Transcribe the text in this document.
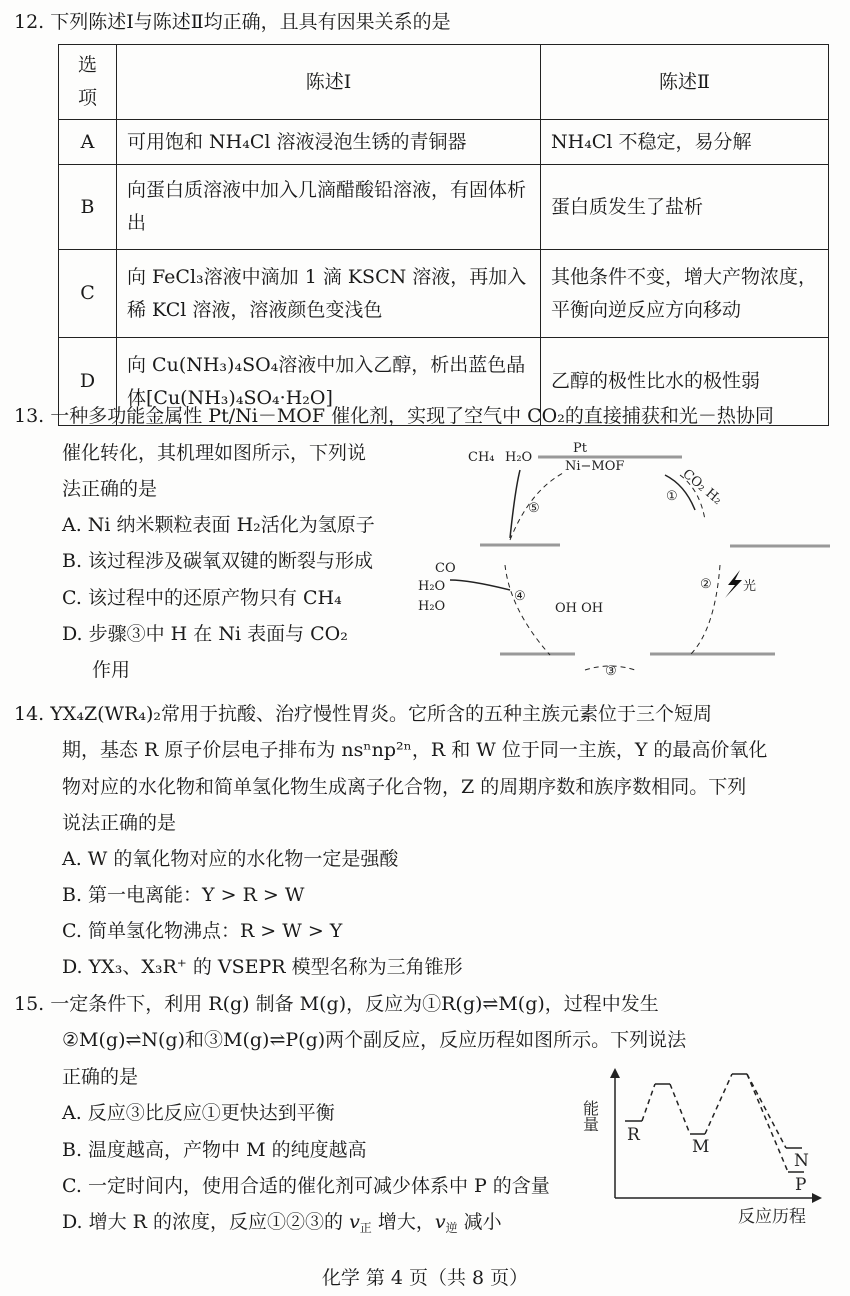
12. 下列陈述Ⅰ与陈述Ⅱ均正确，且具有因果关系的是
选项	陈述Ⅰ	陈述Ⅱ
A	可用饱和 NH₄Cl 溶液浸泡生锈的青铜器	NH₄Cl 不稳定，易分解
B	向蛋白质溶液中加入几滴醋酸铅溶液，有固体析出	蛋白质发生了盐析
C	向 FeCl₃溶液中滴加 1 滴 KSCN 溶液，再加入稀 KCl 溶液，溶液颜色变浅色	其他条件不变，增大产物浓度，平衡向逆反应方向移动
D	向 Cu(NH₃)₄SO₄溶液中加入乙醇，析出蓝色晶体[Cu(NH₃)₄SO₄·H₂O]	乙醇的极性比水的极性弱
13. 一种多功能金属性 Pt/Ni－MOF 催化剂，实现了空气中 CO₂的直接捕获和光－热协同
催化转化，其机理如图所示，下列说
法正确的是
A. Ni 纳米颗粒表面 H₂活化为氢原子
B. 该过程涉及碳氧双键的断裂与形成
C. 该过程中的还原产物只有 CH₄
D. 步骤③中 H 在 Ni 表面与 CO₂
作用
CH₄ H₂O
Pt
Ni−MOF
CO₂ H₂
①
②
③
④
⑤
光
CO
H₂O
H₂O	OH OH
14. YX₄Z(WR₄)₂常用于抗酸、治疗慢性胃炎。它所含的五种主族元素位于三个短周
期，基态 R 原子价层电子排布为 nsⁿnp²ⁿ，R 和 W 位于同一主族，Y 的最高价氧化
物对应的水化物和简单氢化物生成离子化合物，Z 的周期序数和族序数相同。下列
说法正确的是
A. W 的氧化物对应的水化物一定是强酸
B. 第一电离能：Y > R > W
C. 简单氢化物沸点：R > W > Y
D. YX₃、X₃R⁺ 的 VSEPR 模型名称为三角锥形
15. 一定条件下，利用 R(g) 制备 M(g)，反应为①R(g)⇌M(g)，过程中发生
②M(g)⇌N(g)和③M(g)⇌P(g)两个副反应，反应历程如图所示。下列说法
正确的是
A. 反应③比反应①更快达到平衡
B. 温度越高，产物中 M 的纯度越高
C. 一定时间内，使用合适的催化剂可减少体系中 P 的含量
D. 增大 R 的浓度，反应①②③的 $v_正$ 增大，$v_逆$ 减小
能量
反应历程
R
M
N
P
化学 第 4 页（共 8 页）
